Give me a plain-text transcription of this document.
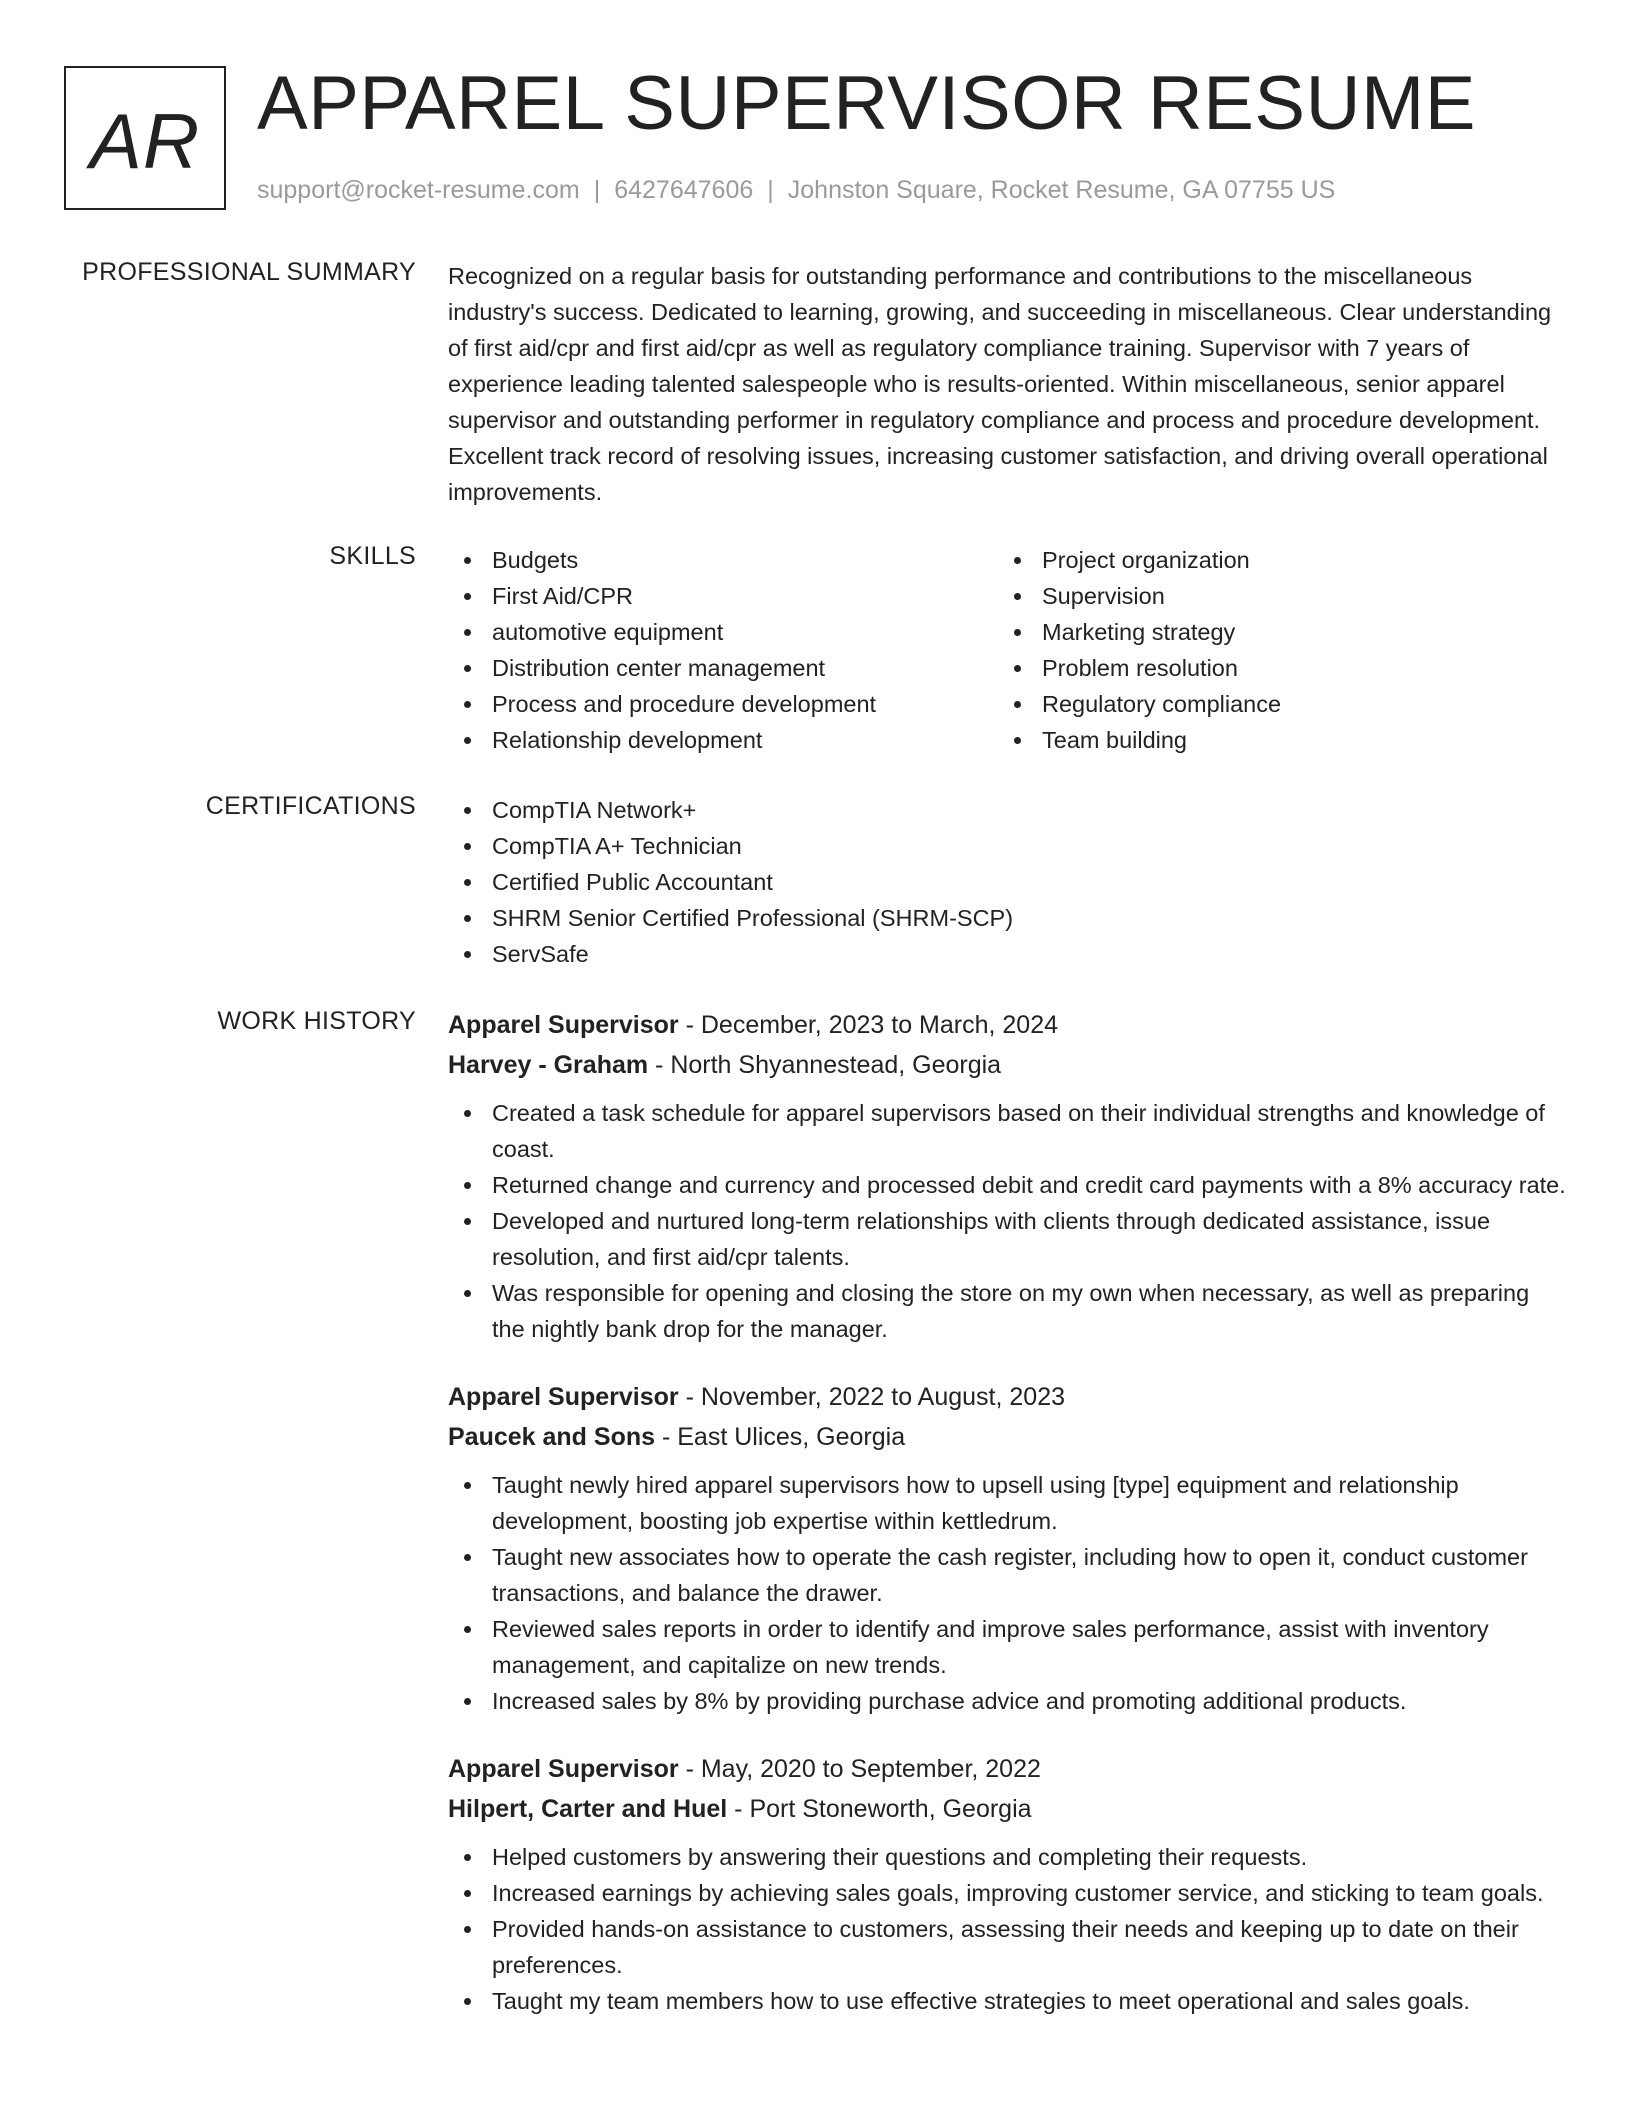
AR APPAREL SUPERVISOR RESUME
support@rocket-resume.com | 6427647606 | Johnston Square, Rocket Resume, GA 07755 US
PROFESSIONAL SUMMARY Recognized on a regular basis for outstanding performance and contributions to the miscellaneous industry's success. Dedicated to learning, growing, and succeeding in miscellaneous. Clear understanding of first aid/cpr and first aid/cpr as well as regulatory compliance training. Supervisor with 7 years of experience leading talented salespeople who is results-oriented. Within miscellaneous, senior apparel supervisor and outstanding performer in regulatory compliance and process and procedure development. Excellent track record of resolving issues, increasing customer satisfaction, and driving overall operational improvements.
SKILLS	Budgets
First Aid/CPR
automotive equipment
Distribution center management
Process and procedure development
Relationship development
Project organization
Supervision
Marketing strategy
Problem resolution
Regulatory compliance
Team building
CERTIFICATIONS	CompTIA Network+
CompTIA A+ Technician
Certified Public Accountant
SHRM Senior Certified Professional (SHRM-SCP)
ServSafe
WORK HISTORY Apparel Supervisor - December, 2023 to March, 2024
Harvey - Graham - North Shyannestead, Georgia
Created a task schedule for apparel supervisors based on their individual strengths and knowledge of coast.
Returned change and currency and processed debit and credit card payments with a 8% accuracy rate.
Developed and nurtured long-term relationships with clients through dedicated assistance, issue resolution, and first aid/cpr talents.
Was responsible for opening and closing the store on my own when necessary, as well as preparing the nightly bank drop for the manager.
Apparel Supervisor - November, 2022 to August, 2023
Paucek and Sons - East Ulices, Georgia
Taught newly hired apparel supervisors how to upsell using [type] equipment and relationship development, boosting job expertise within kettledrum.
Taught new associates how to operate the cash register, including how to open it, conduct customer transactions, and balance the drawer.
Reviewed sales reports in order to identify and improve sales performance, assist with inventory management, and capitalize on new trends.
Increased sales by 8% by providing purchase advice and promoting additional products.
Apparel Supervisor - May, 2020 to September, 2022
Hilpert, Carter and Huel - Port Stoneworth, Georgia
Helped customers by answering their questions and completing their requests.
Increased earnings by achieving sales goals, improving customer service, and sticking to team goals.
Provided hands-on assistance to customers, assessing their needs and keeping up to date on their preferences.
Taught my team members how to use effective strategies to meet operational and sales goals.
